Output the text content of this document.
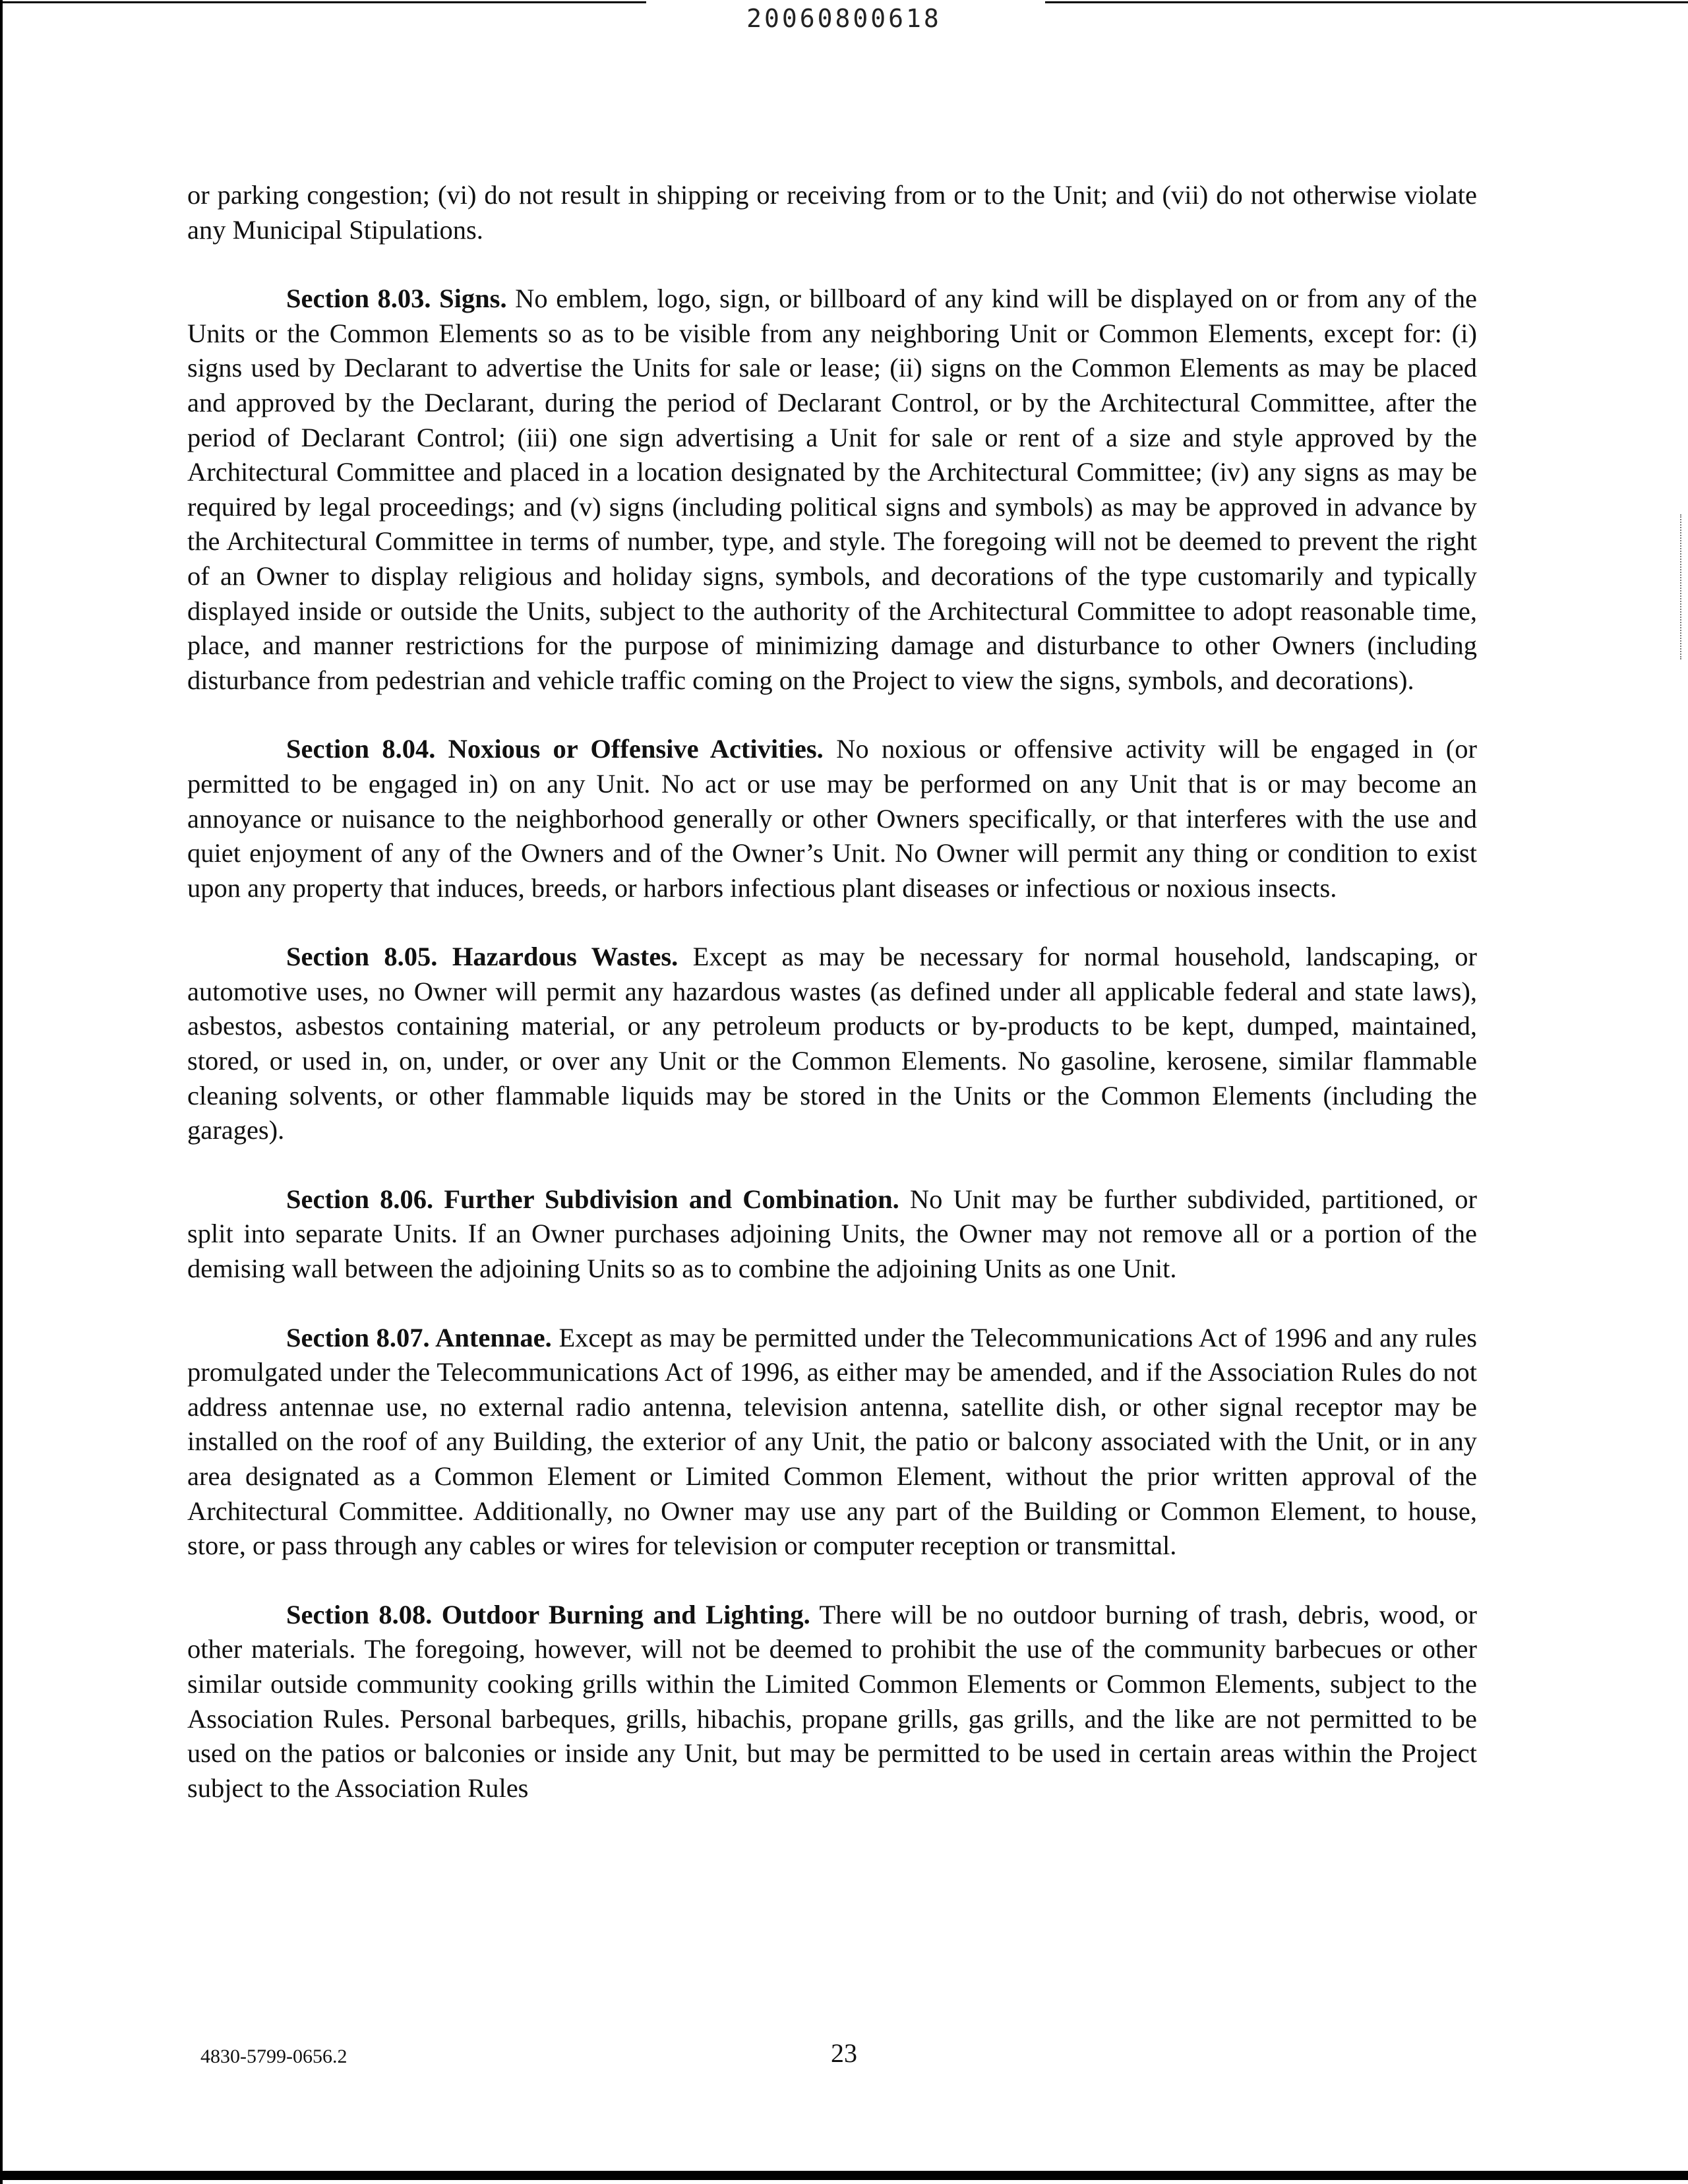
20060800618

or parking congestion; (vi) do not result in shipping or receiving from or to the Unit; and (vii) do not otherwise violate any Municipal Stipulations.

Section 8.03. Signs. No emblem, logo, sign, or billboard of any kind will be displayed on or from any of the Units or the Common Elements so as to be visible from any neighboring Unit or Common Elements, except for: (i) signs used by Declarant to advertise the Units for sale or lease; (ii) signs on the Common Elements as may be placed and approved by the Declarant, during the period of Declarant Control, or by the Architectural Committee, after the period of Declarant Control; (iii) one sign advertising a Unit for sale or rent of a size and style approved by the Architectural Committee and placed in a location designated by the Architectural Committee; (iv) any signs as may be required by legal proceedings; and (v) signs (including political signs and symbols) as may be approved in advance by the Architectural Committee in terms of number, type, and style. The foregoing will not be deemed to prevent the right of an Owner to display religious and holiday signs, symbols, and decorations of the type customarily and typically displayed inside or outside the Units, subject to the authority of the Architectural Committee to adopt reasonable time, place, and manner restrictions for the purpose of minimizing damage and disturbance to other Owners (including disturbance from pedestrian and vehicle traffic coming on the Project to view the signs, symbols, and decorations).

Section 8.04. Noxious or Offensive Activities. No noxious or offensive activity will be engaged in (or permitted to be engaged in) on any Unit. No act or use may be performed on any Unit that is or may become an annoyance or nuisance to the neighborhood generally or other Owners specifically, or that interferes with the use and quiet enjoyment of any of the Owners and of the Owner’s Unit. No Owner will permit any thing or condition to exist upon any property that induces, breeds, or harbors infectious plant diseases or infectious or noxious insects.

Section 8.05. Hazardous Wastes. Except as may be necessary for normal household, landscaping, or automotive uses, no Owner will permit any hazardous wastes (as defined under all applicable federal and state laws), asbestos, asbestos containing material, or any petroleum products or by-products to be kept, dumped, maintained, stored, or used in, on, under, or over any Unit or the Common Elements. No gasoline, kerosene, similar flammable cleaning solvents, or other flammable liquids may be stored in the Units or the Common Elements (including the garages).

Section 8.06. Further Subdivision and Combination. No Unit may be further subdivided, partitioned, or split into separate Units. If an Owner purchases adjoining Units, the Owner may not remove all or a portion of the demising wall between the adjoining Units so as to combine the adjoining Units as one Unit.

Section 8.07. Antennae. Except as may be permitted under the Telecommunications Act of 1996 and any rules promulgated under the Telecommunications Act of 1996, as either may be amended, and if the Association Rules do not address antennae use, no external radio antenna, television antenna, satellite dish, or other signal receptor may be installed on the roof of any Building, the exterior of any Unit, the patio or balcony associated with the Unit, or in any area designated as a Common Element or Limited Common Element, without the prior written approval of the Architectural Committee. Additionally, no Owner may use any part of the Building or Common Element, to house, store, or pass through any cables or wires for television or computer reception or transmittal.

Section 8.08. Outdoor Burning and Lighting. There will be no outdoor burning of trash, debris, wood, or other materials. The foregoing, however, will not be deemed to prohibit the use of the community barbecues or other similar outside community cooking grills within the Limited Common Elements or Common Elements, subject to the Association Rules. Personal barbeques, grills, hibachis, propane grills, gas grills, and the like are not permitted to be used on the patios or balconies or inside any Unit, but may be permitted to be used in certain areas within the Project subject to the Association Rules

4830-5799-0656.2	23
